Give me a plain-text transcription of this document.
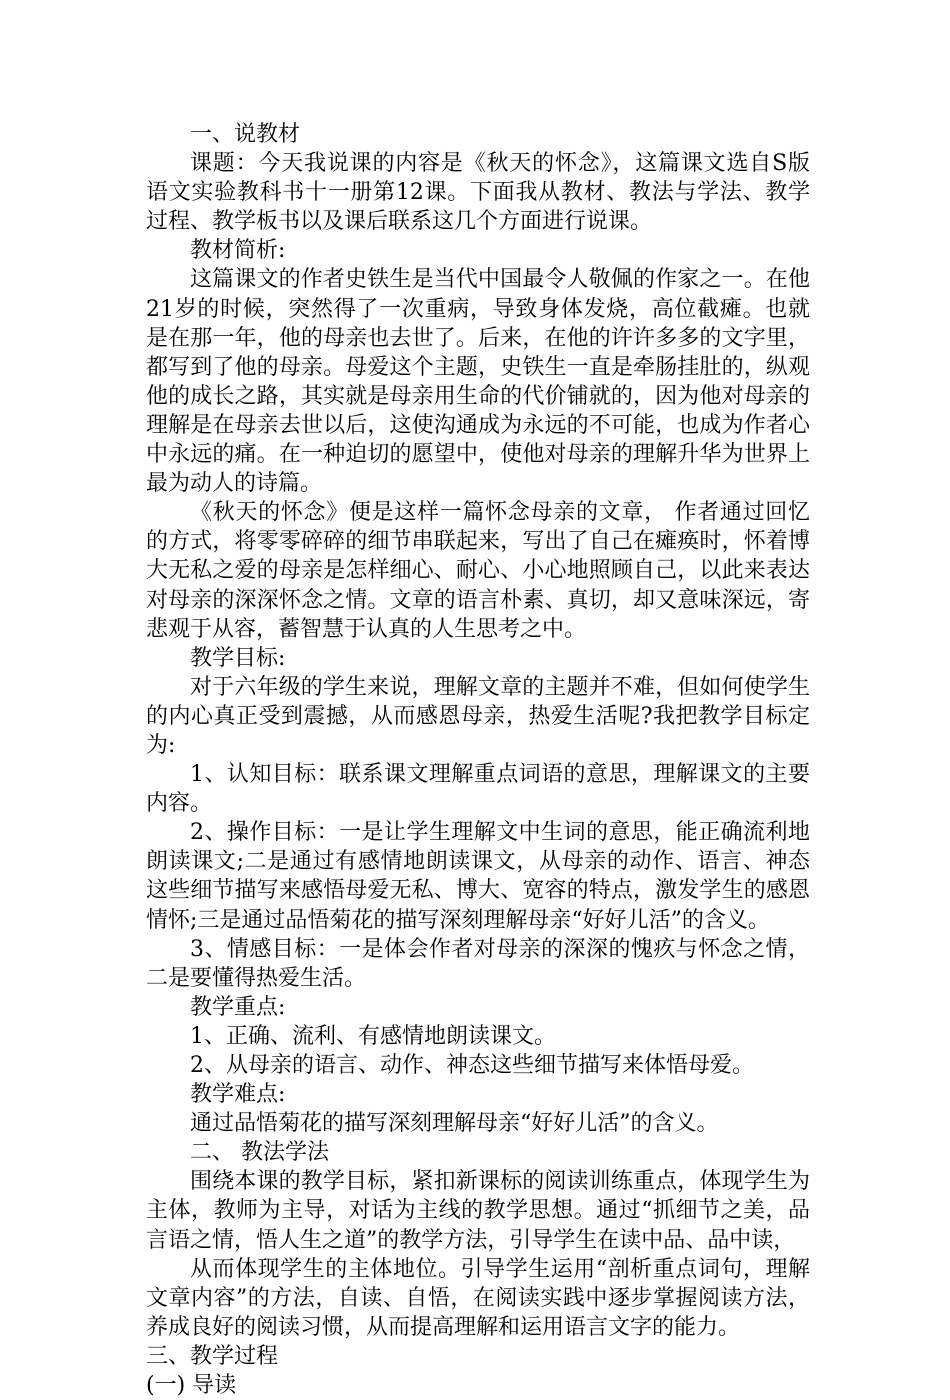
一、说教材

课题：今天我说课的内容是《秋天的怀念》，这篇课文选自S版语文实验教科书十一册第12课。下面我从教材、教法与学法、教学过程、教学板书以及课后联系这几个方面进行说课。

教材简析:

这篇课文的作者史铁生是当代中国最令人敬佩的作家之一。在他21岁的时候，突然得了一次重病，导致身体发烧，高位截瘫。也就是在那一年，他的母亲也去世了。后来，在他的许许多多的文字里，都写到了他的母亲。母爱这个主题，史铁生一直是牵肠挂肚的，纵观他的成长之路，其实就是母亲用生命的代价铺就的，因为他对母亲的理解是在母亲去世以后，这使沟通成为永远的不可能，也成为作者心中永远的痛。在一种迫切的愿望中，使他对母亲的理解升华为世界上最为动人的诗篇。

《秋天的怀念》便是这样一篇怀念母亲的文章， 作者通过回忆的方式，将零零碎碎的细节串联起来，写出了自己在瘫痪时，怀着博大无私之爱的母亲是怎样细心、耐心、小心地照顾自己，以此来表达对母亲的深深怀念之情。文章的语言朴素、真切，却又意味深远，寄悲观于从容，蓄智慧于认真的人生思考之中。

教学目标:

对于六年级的学生来说，理解文章的主题并不难，但如何使学生的内心真正受到震撼，从而感恩母亲，热爱生活呢?我把教学目标定为:

1、认知目标：联系课文理解重点词语的意思，理解课文的主要内容。

2、操作目标：一是让学生理解文中生词的意思，能正确流利地朗读课文;二是通过有感情地朗读课文，从母亲的动作、语言、神态这些细节描写来感悟母爱无私、博大、宽容的特点，激发学生的感恩情怀;三是通过品悟菊花的描写深刻理解母亲“好好儿活”的含义。

3、情感目标：一是体会作者对母亲的深深的愧疚与怀念之情，二是要懂得热爱生活。

教学重点:

1、正确、流利、有感情地朗读课文。

2、从母亲的语言、动作、神态这些细节描写来体悟母爱。

教学难点:

通过品悟菊花的描写深刻理解母亲“好好儿活”的含义。

二、 教法学法

围绕本课的教学目标，紧扣新课标的阅读训练重点，体现学生为主体，教师为主导，对话为主线的教学思想。通过“抓细节之美，品言语之情，悟人生之道”的教学方法，引导学生在读中品、品中读，

从而体现学生的主体地位。引导学生运用“剖析重点词句，理解文章内容”的方法，自读、自悟，在阅读实践中逐步掌握阅读方法，养成良好的阅读习惯，从而提高理解和运用语言文字的能力。

三、教学过程

(一) 导读
